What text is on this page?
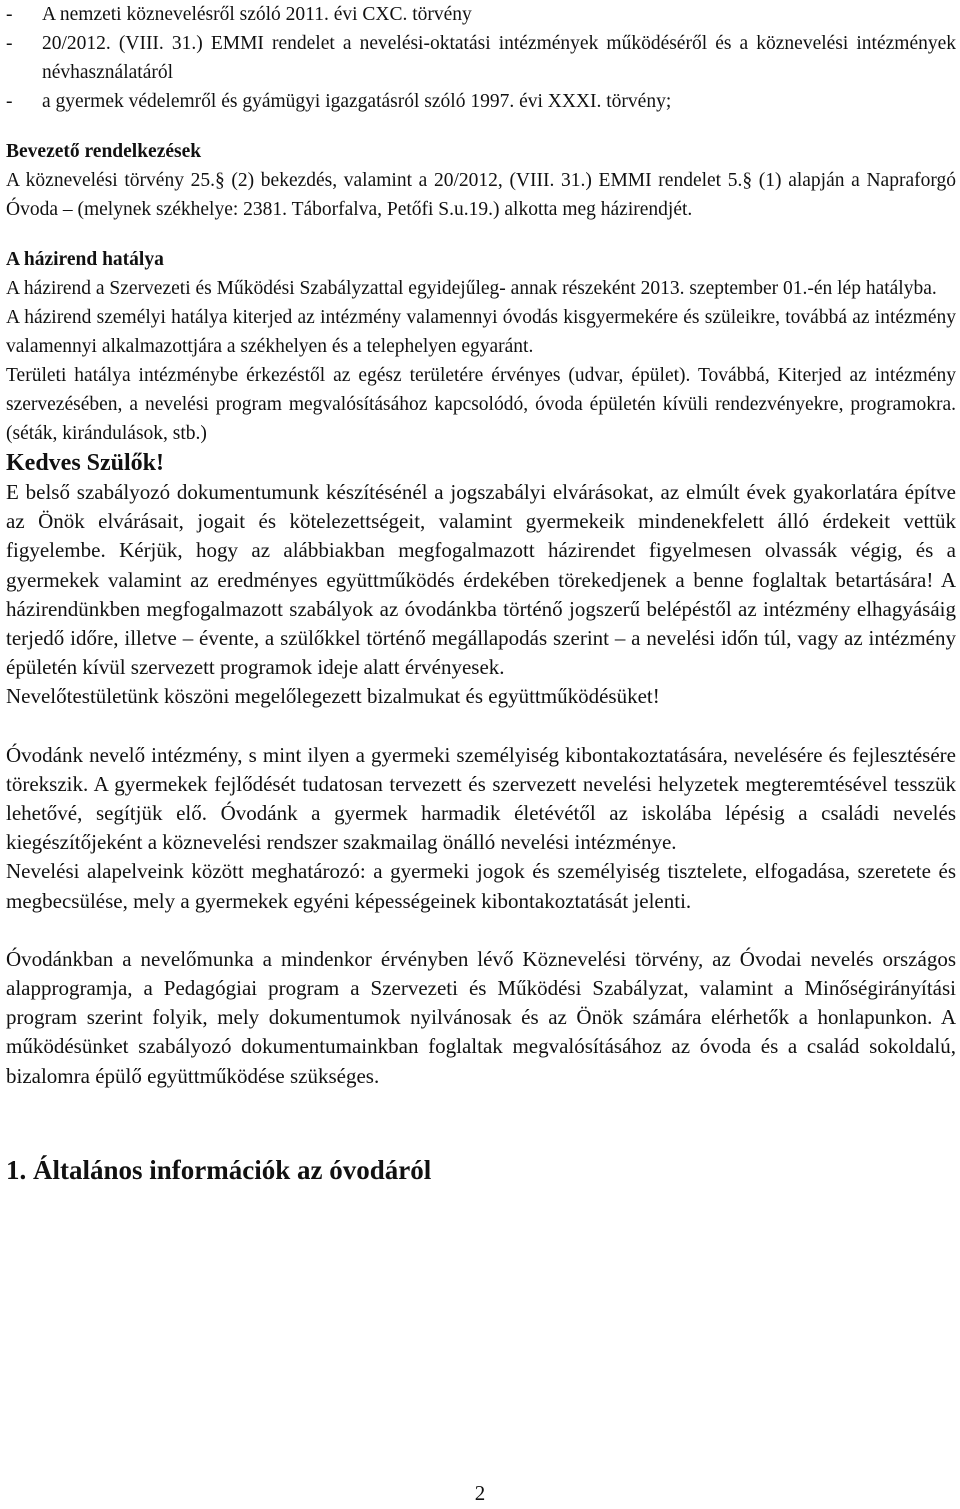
-	A nemzeti köznevelésről szóló 2011. évi CXC. törvény
-	20/2012. (VIII. 31.) EMMI rendelet a nevelési-oktatási intézmények működéséről és a köznevelési intézmények névhasználatáról
-	a gyermek védelemről és gyámügyi igazgatásról szóló 1997. évi XXXI. törvény;

Bevezető rendelkezések

A köznevelési törvény 25.§ (2) bekezdés, valamint a 20/2012, (VIII. 31.) EMMI rendelet 5.§ (1) alapján a Napraforgó Óvoda – (melynek székhelye: 2381. Táborfalva, Petőfi S.u.19.) alkotta meg házirendjét.

A házirend hatálya

A házirend a Szervezeti és Működési Szabályzattal egyidejűleg- annak részeként 2013. szeptember 01.-én lép hatályba.

A házirend személyi hatálya kiterjed az intézmény valamennyi óvodás kisgyermekére és szüleikre, továbbá az intézmény valamennyi alkalmazottjára a székhelyen és a telephelyen egyaránt.

Területi hatálya intézménybe érkezéstől az egész területére érvényes (udvar, épület). Továbbá, Kiterjed az intézmény szervezésében, a nevelési program megvalósításához kapcsolódó, óvoda épületén kívüli rendezvényekre, programokra. (séták, kirándulások, stb.)

Kedves Szülők!

E belső szabályozó dokumentumunk készítésénél a jogszabályi elvárásokat, az elmúlt évek gyakorlatára építve az Önök elvárásait, jogait és kötelezettségeit, valamint gyermekeik mindenekfelett álló érdekeit vettük figyelembe. Kérjük, hogy az alábbiakban megfogalmazott házirendet figyelmesen olvassák végig, és a gyermekek valamint az eredményes együttműködés érdekében törekedjenek a benne foglaltak betartására! A házirendünkben megfogalmazott szabályok az óvodánkba történő jogszerű belépéstől az intézmény elhagyásáig terjedő időre, illetve – évente, a szülőkkel történő megállapodás szerint – a nevelési időn túl, vagy az intézmény épületén kívül szervezett programok ideje alatt érvényesek.

Nevelőtestületünk köszöni megelőlegezett bizalmukat és együttműködésüket!

Óvodánk nevelő intézmény, s mint ilyen a gyermeki személyiség kibontakoztatására, nevelésére és fejlesztésére törekszik. A gyermekek fejlődését tudatosan tervezett és szervezett nevelési helyzetek megteremtésével tesszük lehetővé, segítjük elő. Óvodánk a gyermek harmadik életévétől az iskolába lépésig a családi nevelés kiegészítőjeként a köznevelési rendszer szakmailag önálló nevelési intézménye.

Nevelési alapelveink között meghatározó: a gyermeki jogok és személyiség tisztelete, elfogadása, szeretete és megbecsülése, mely a gyermekek egyéni képességeinek kibontakoztatását jelenti.

Óvodánkban a nevelőmunka a mindenkor érvényben lévő Köznevelési törvény, az Óvodai nevelés országos alapprogramja, a Pedagógiai program a Szervezeti és Működési Szabályzat, valamint a Minőségirányítási program szerint folyik, mely dokumentumok nyilvánosak és az Önök számára elérhetők a honlapunkon. A működésünket szabályozó dokumentumainkban foglaltak megvalósításához az óvoda és a család sokoldalú, bizalomra épülő együttműködése szükséges.

1. Általános információk az óvodáról

2
